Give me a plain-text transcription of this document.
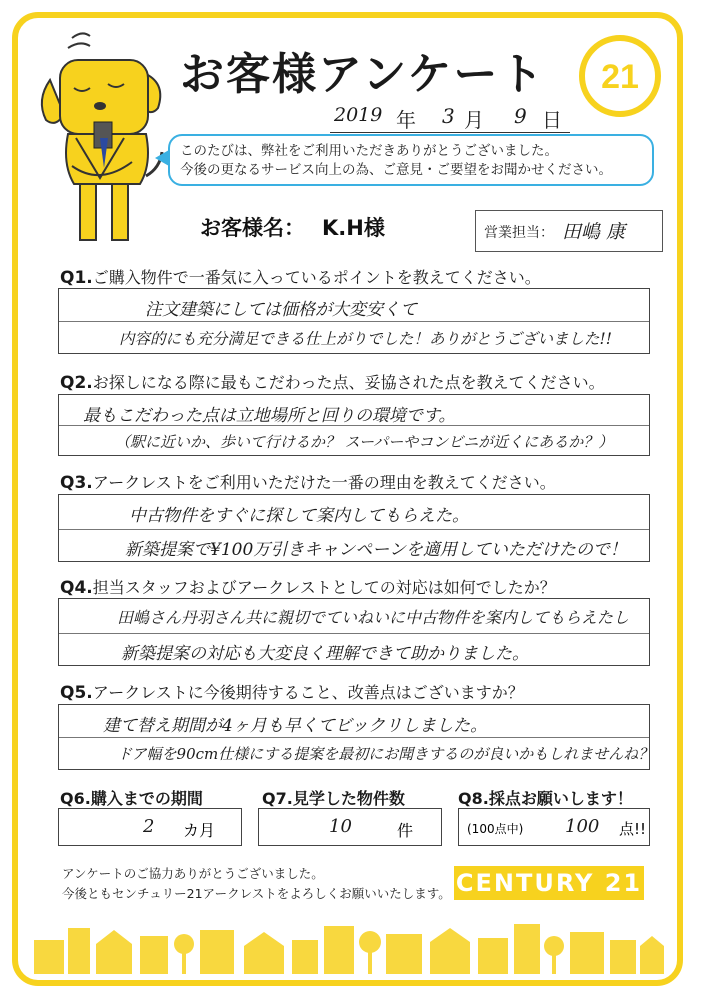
お客様アンケート 21
2019 年 3 月 9 日
このたびは、弊社をご利用いただきありがとうございました。
今後の更なるサービス向上の為、ご意見・ご要望をお聞かせください。
お客様名： K.H様	営業担当： 田嶋 康
Q1.ご購入物件で一番気に入っているポイントを教えてください。
注文建築にしては価格が大変安くて
内容的にも充分満足できる仕上がりでした！ありがとうございました!!
Q2.お探しになる際に最もこだわった点、妥協された点を教えてください。
最もこだわった点は立地場所と回りの環境です。
（駅に近いか、歩いて行けるか？ スーパーやコンビニが近くにあるか？）
Q3.アークレストをご利用いただけた一番の理由を教えてください。
中古物件をすぐに探して案内してもらえた。
新築提案で¥100万引きキャンペーンを適用していただけたので！
Q4.担当スタッフおよびアークレストとしての対応は如何でしたか？
田嶋さん丹羽さん共に親切でていねいに中古物件を案内してもらえたし
新築提案の対応も大変良く理解できて助かりました。
Q5.アークレストに今後期待すること、改善点はございますか？
建て替え期間が4ヶ月も早くてビックリしました。
ドア幅を90cm仕様にする提案を最初にお聞きするのが良いかもしれませんね？
Q6.購入までの期間
2 カ月
Q7.見学した物件数
10	件
Q8.採点お願いします！
(100点中) 100 点!!
アンケートのご協力ありがとうございました。
今後ともセンチュリー21アークレストをよろしくお願いいたします。 CENTURY 21
